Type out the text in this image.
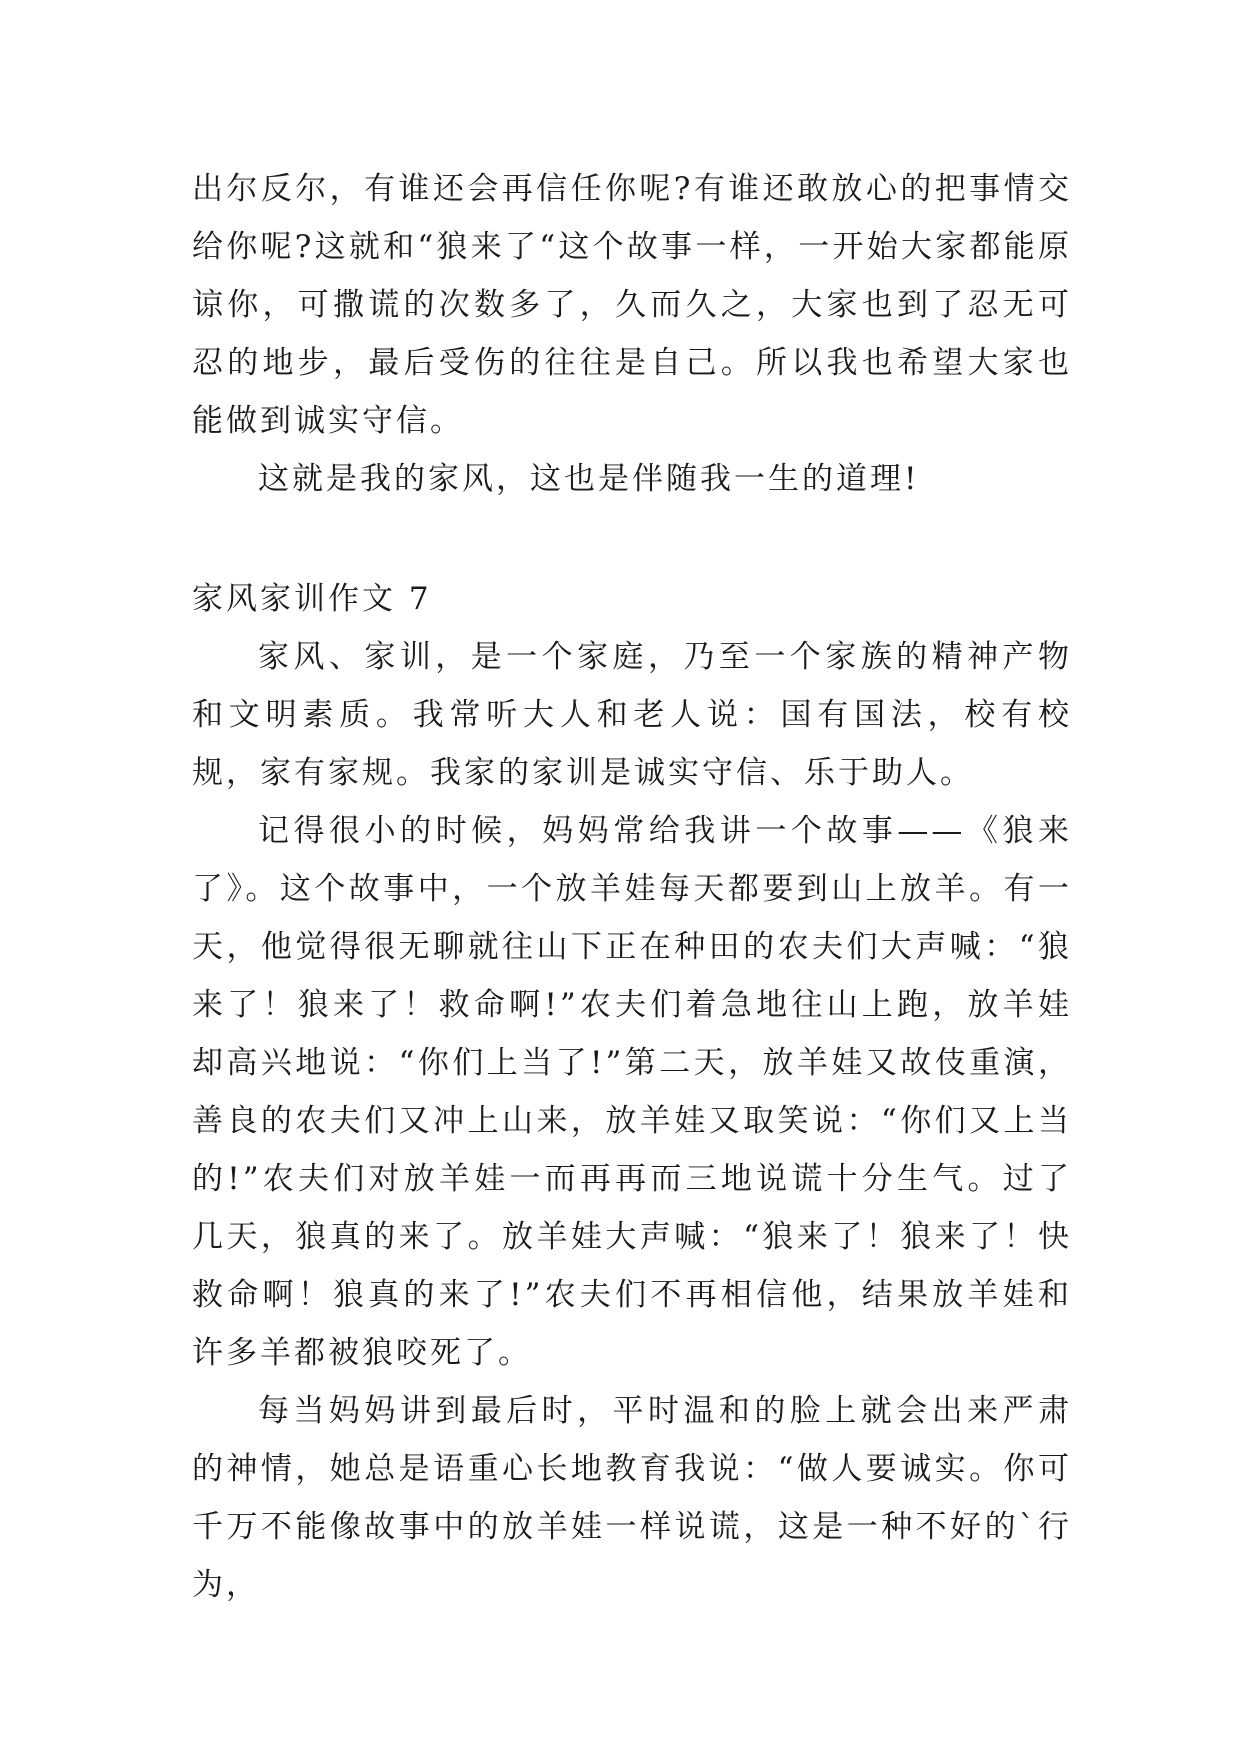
出尔反尔，有谁还会再信任你呢?有谁还敢放心的把事情交给你呢?这就和“狼来了“这个故事一样，一开始大家都能原谅你，可撒谎的次数多了，久而久之，大家也到了忍无可忍的地步，最后受伤的往往是自己。所以我也希望大家也能做到诚实守信。

这就是我的家风，这也是伴随我一生的道理!

家风家训作文 7

家风、家训，是一个家庭，乃至一个家族的精神产物和文明素质。我常听大人和老人说：国有国法，校有校规，家有家规。我家的家训是诚实守信、乐于助人。

记得很小的时候，妈妈常给我讲一个故事——《狼来了》。这个故事中，一个放羊娃每天都要到山上放羊。有一天，他觉得很无聊就往山下正在种田的农夫们大声喊：“狼来了！狼来了！救命啊!”农夫们着急地往山上跑，放羊娃却高兴地说：“你们上当了!”第二天，放羊娃又故伎重演，善良的农夫们又冲上山来，放羊娃又取笑说：“你们又上当的!”农夫们对放羊娃一而再再而三地说谎十分生气。过了几天，狼真的来了。放羊娃大声喊：“狼来了！狼来了！快救命啊！狼真的来了!”农夫们不再相信他，结果放羊娃和许多羊都被狼咬死了。

每当妈妈讲到最后时，平时温和的脸上就会出来严肃的神情，她总是语重心长地教育我说：“做人要诚实。你可千万不能像故事中的放羊娃一样说谎，这是一种不好的`行为，
